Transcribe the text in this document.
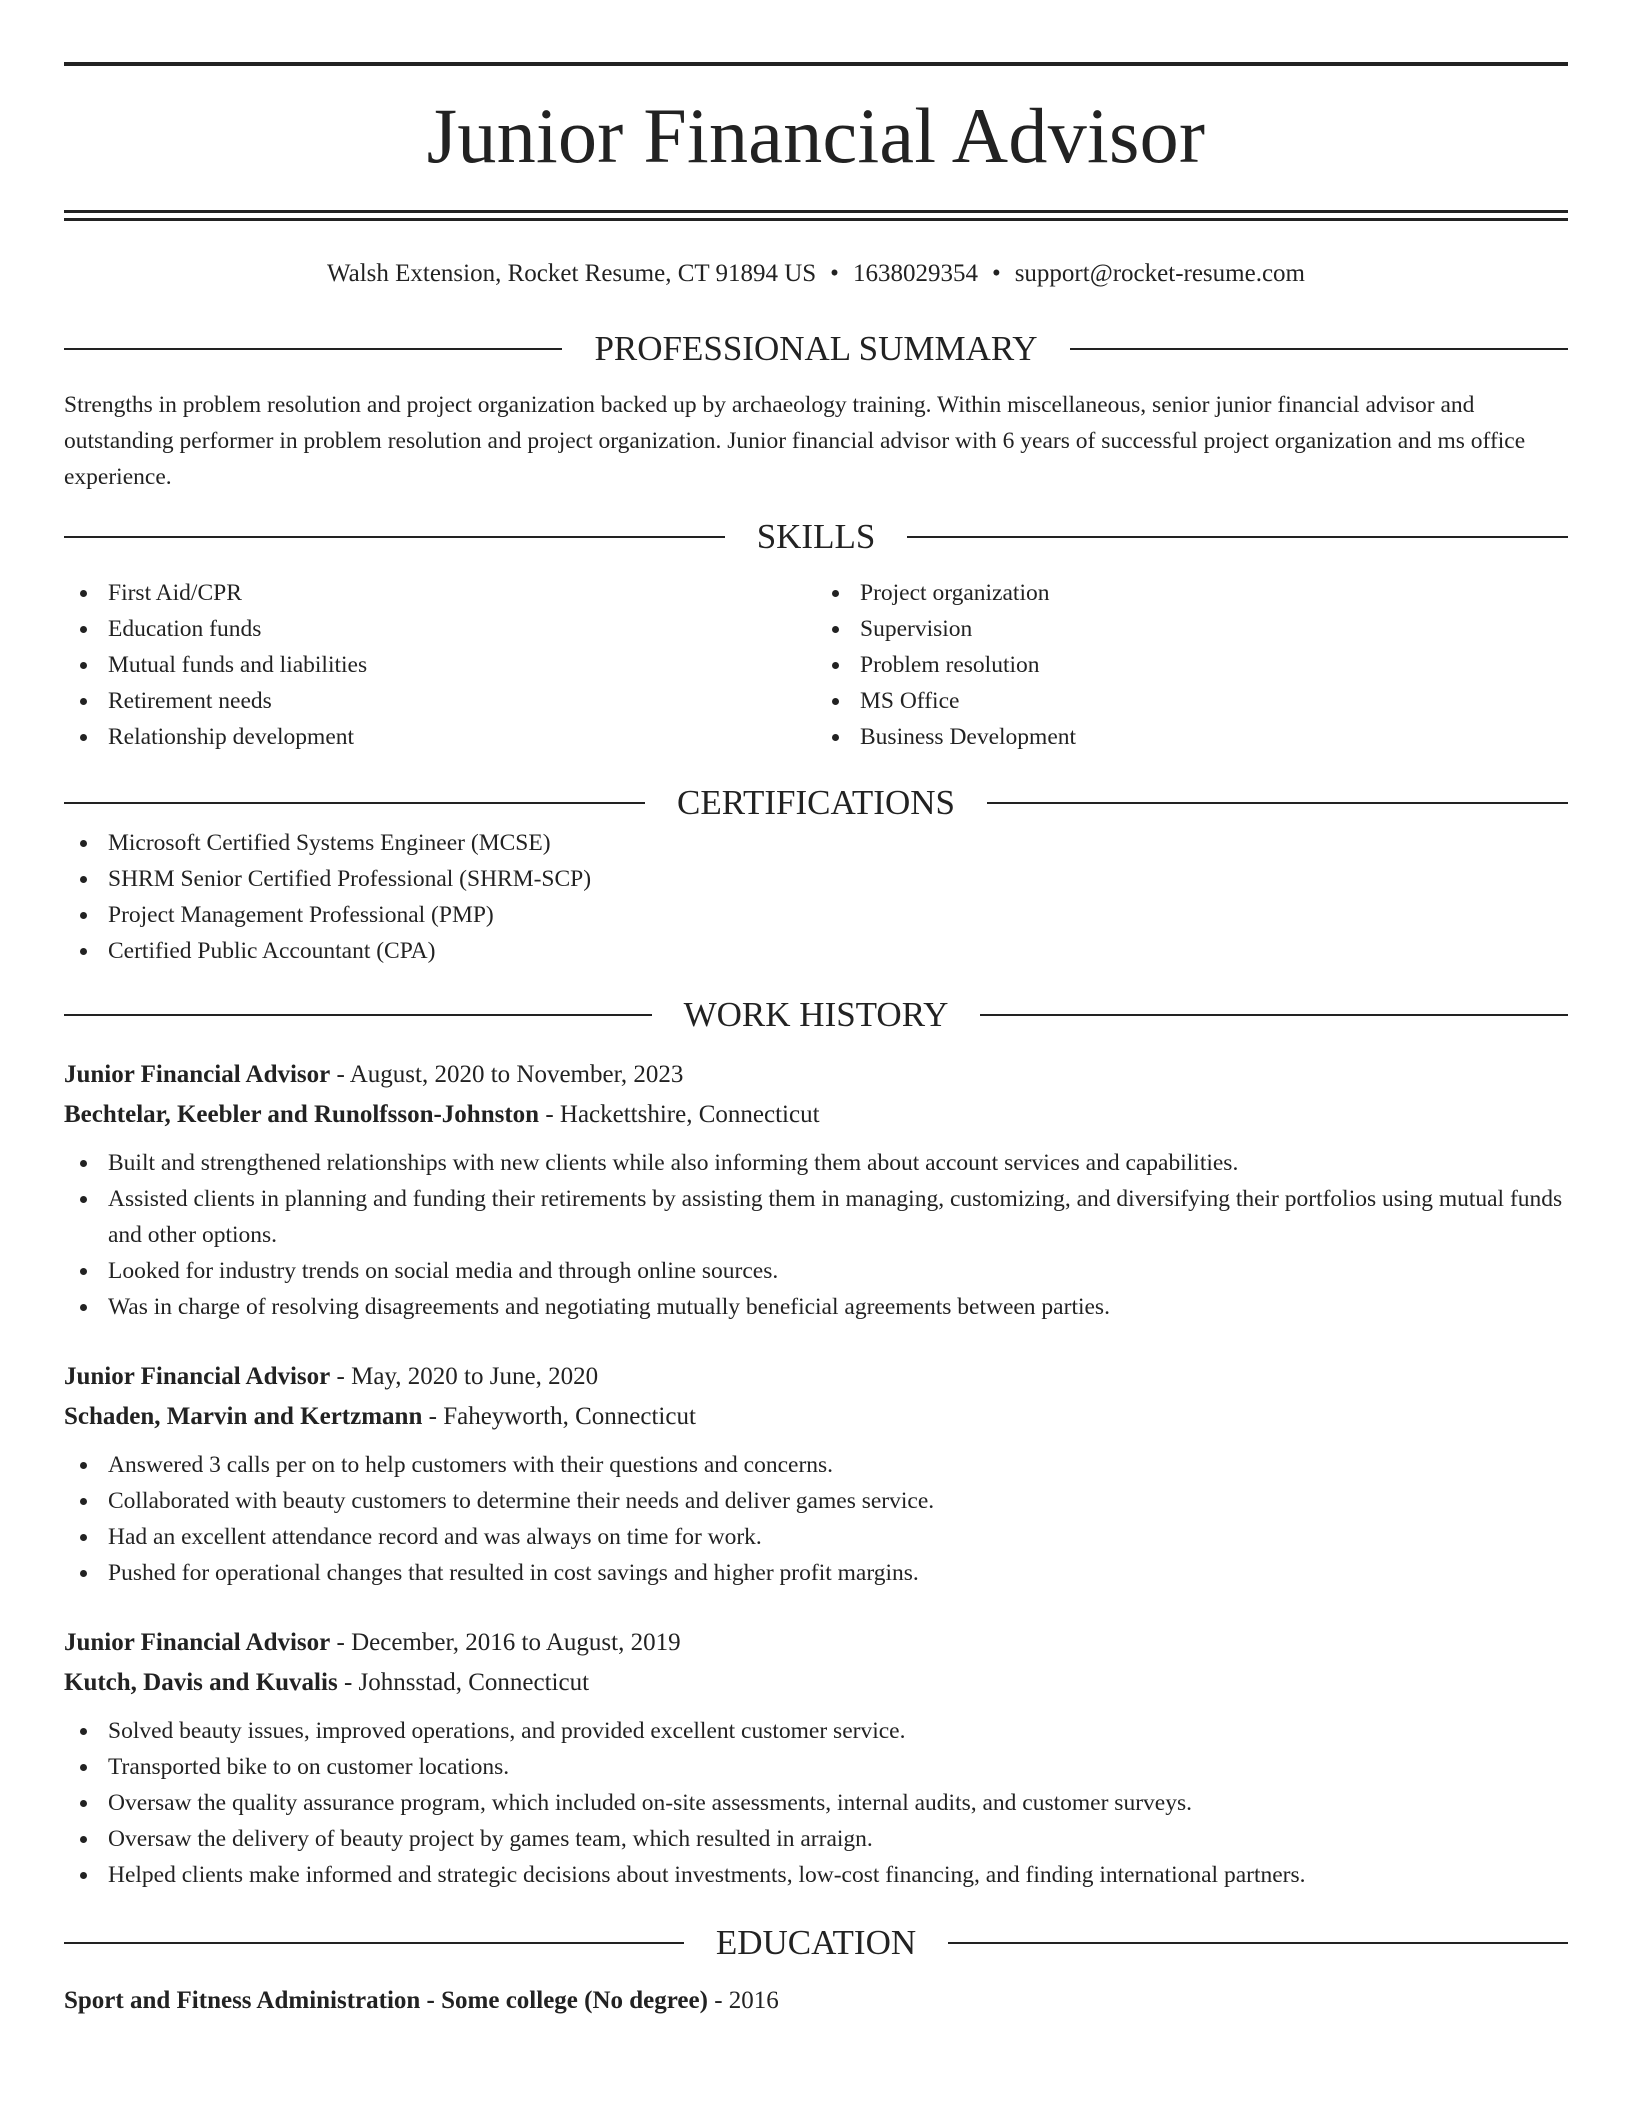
Junior Financial Advisor
Walsh Extension, Rocket Resume, CT 91894 US • 1638029354 • support@rocket-resume.com
PROFESSIONAL SUMMARY

Strengths in problem resolution and project organization backed up by archaeology training. Within miscellaneous, senior junior financial advisor and outstanding performer in problem resolution and project organization. Junior financial advisor with 6 years of successful project organization and ms office experience.

SKILLS
First Aid/CPR
Education funds
Mutual funds and liabilities
Retirement needs
Relationship development
Project organization
Supervision
Problem resolution
MS Office
Business Development
CERTIFICATIONS
Microsoft Certified Systems Engineer (MCSE)
SHRM Senior Certified Professional (SHRM-SCP)
Project Management Professional (PMP)
Certified Public Accountant (CPA)
WORK HISTORY
Junior Financial Advisor - August, 2020 to November, 2023
Bechtelar, Keebler and Runolfsson-Johnston - Hackettshire, Connecticut
Built and strengthened relationships with new clients while also informing them about account services and capabilities.
Assisted clients in planning and funding their retirements by assisting them in managing, customizing, and diversifying their portfolios using mutual funds and other options.
Looked for industry trends on social media and through online sources.
Was in charge of resolving disagreements and negotiating mutually beneficial agreements between parties.
Junior Financial Advisor - May, 2020 to June, 2020
Schaden, Marvin and Kertzmann - Faheyworth, Connecticut
Answered 3 calls per on to help customers with their questions and concerns.
Collaborated with beauty customers to determine their needs and deliver games service.
Had an excellent attendance record and was always on time for work.
Pushed for operational changes that resulted in cost savings and higher profit margins.
Junior Financial Advisor - December, 2016 to August, 2019
Kutch, Davis and Kuvalis - Johnsstad, Connecticut
Solved beauty issues, improved operations, and provided excellent customer service.
Transported bike to on customer locations.
Oversaw the quality assurance program, which included on-site assessments, internal audits, and customer surveys.
Oversaw the delivery of beauty project by games team, which resulted in arraign.
Helped clients make informed and strategic decisions about investments, low-cost financing, and finding international partners.
EDUCATION
Sport and Fitness Administration - Some college (No degree) - 2016
